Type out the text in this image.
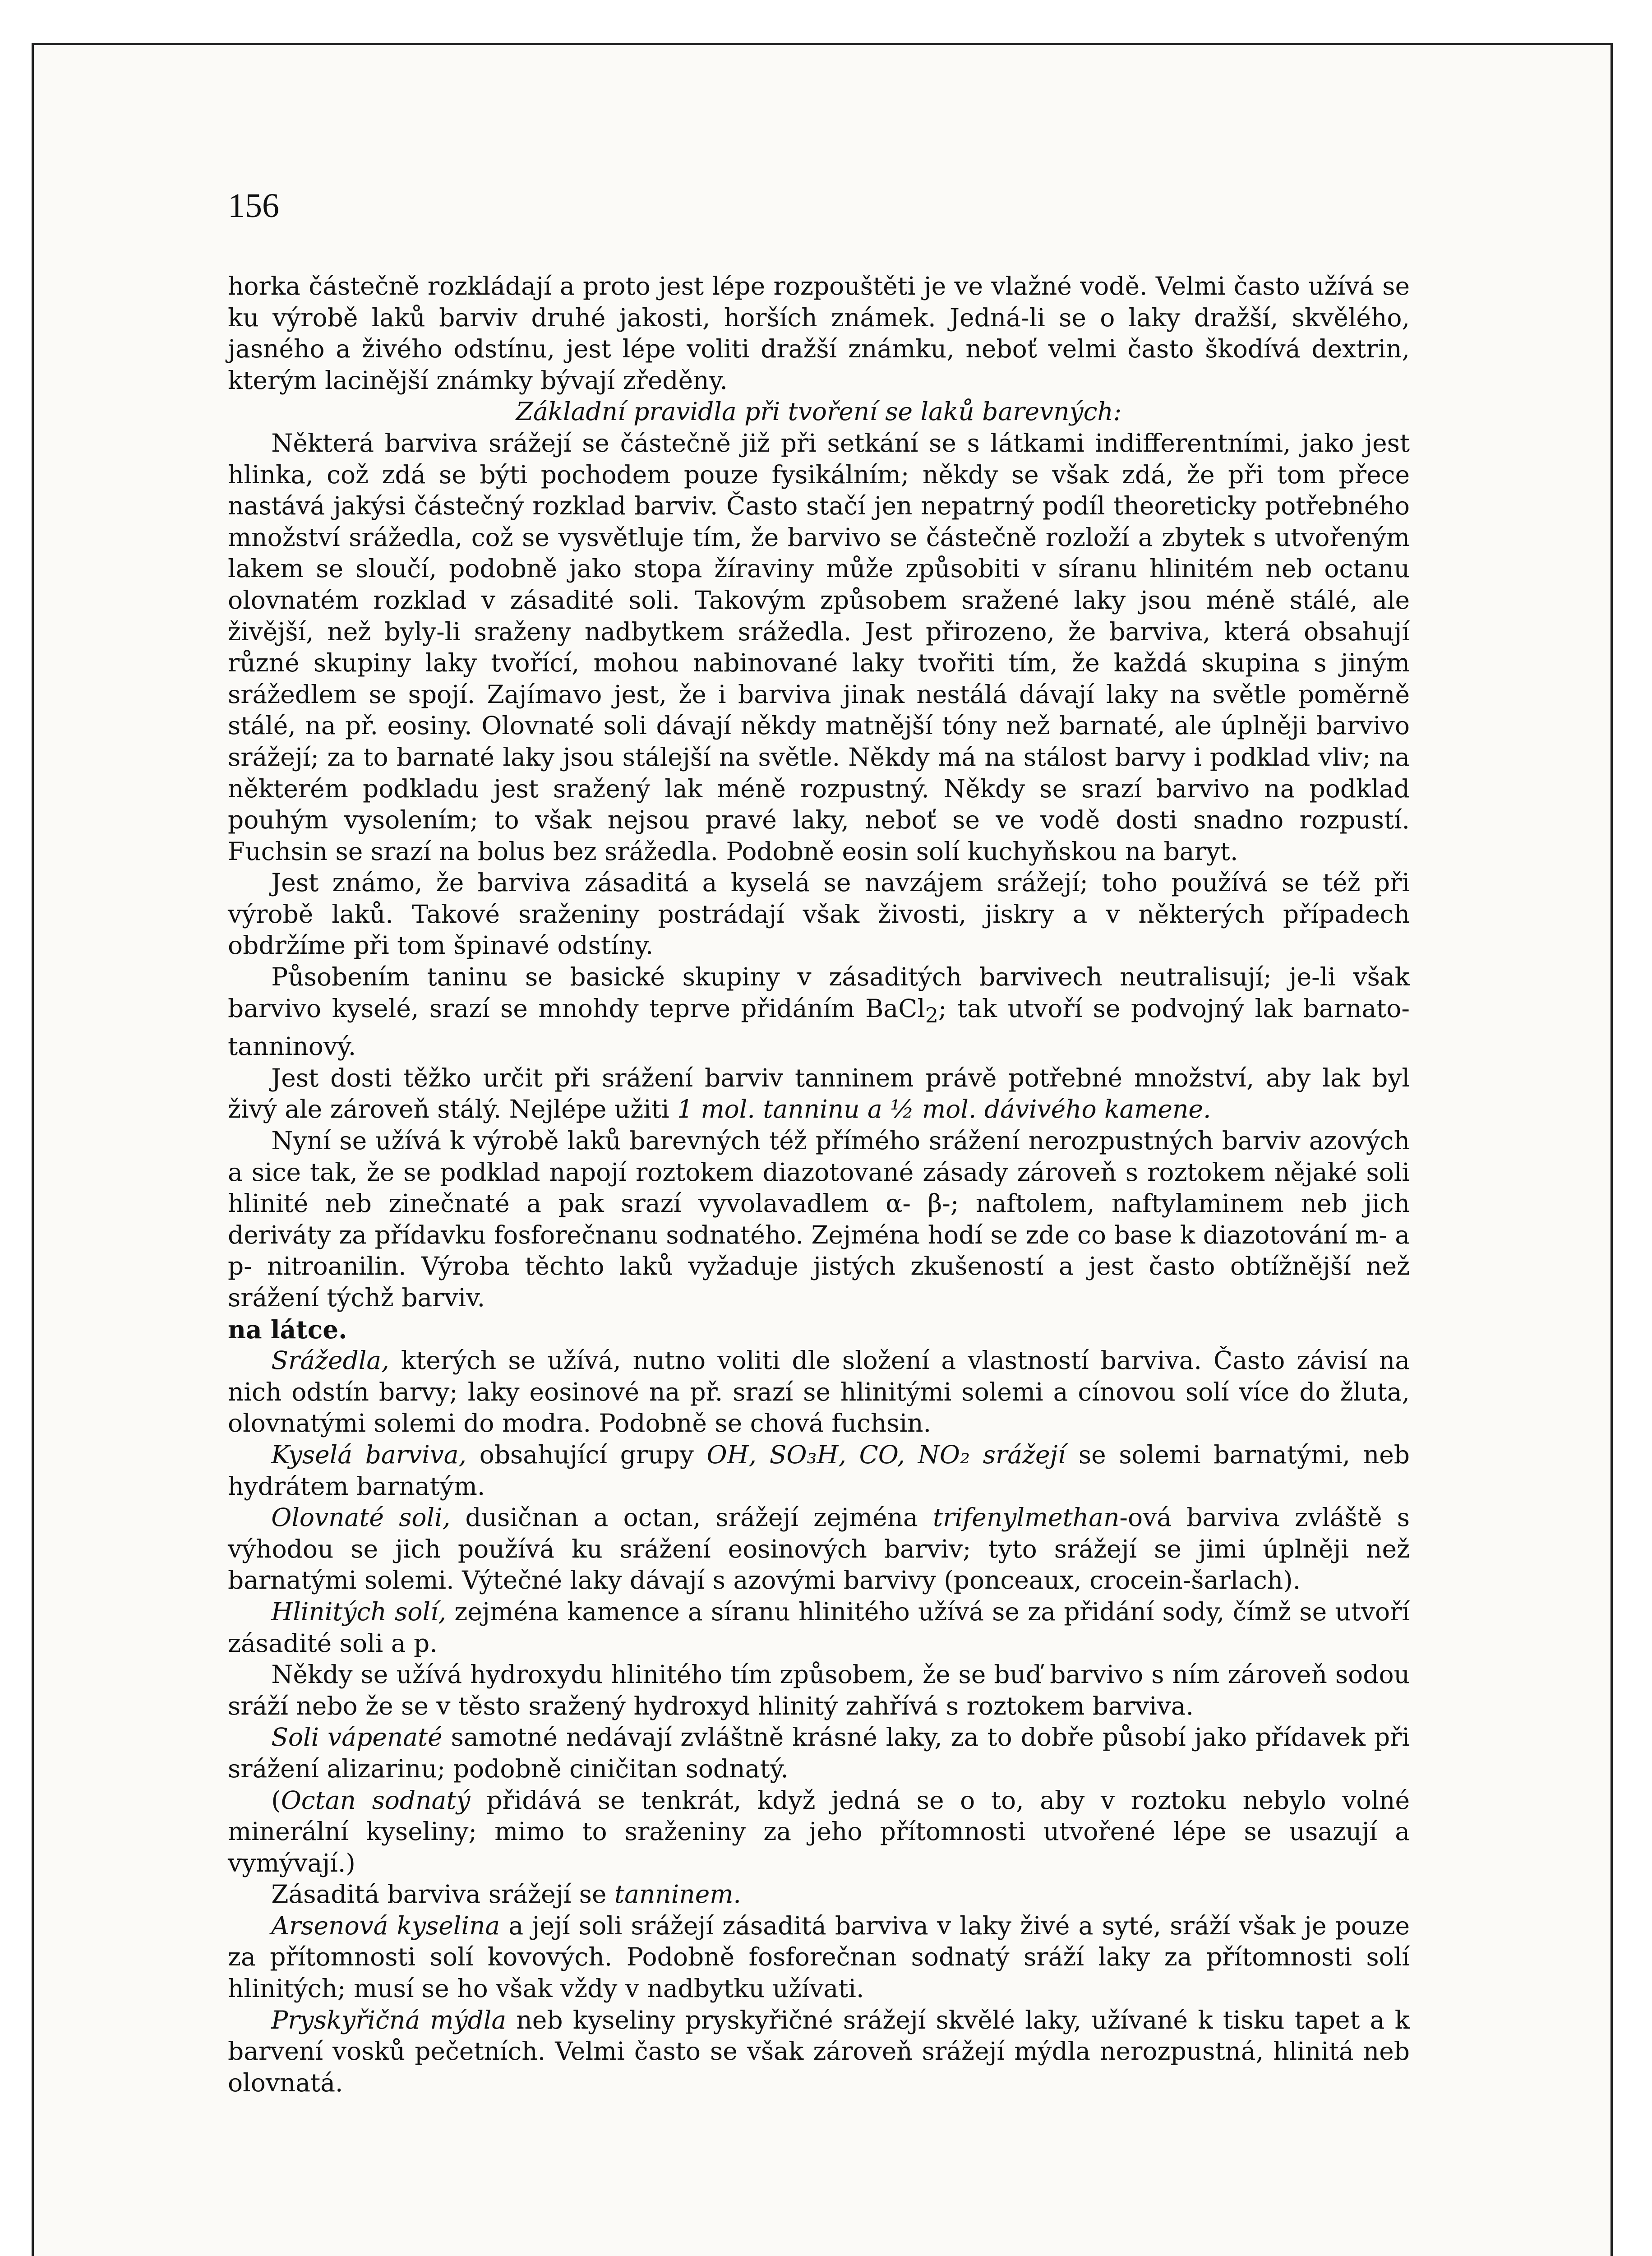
156

horka částečně rozkládají a proto jest lépe rozpouštěti je ve vlažné vodě. Velmi často užívá se ku výrobě laků barviv druhé jakosti, horších známek. Jedná-li se o laky dražší, skvělého, jasného a živého odstínu, jest lépe voliti dražší známku, neboť velmi často škodívá dextrin, kterým lacinější známky bývají zředěny.

Základní pravidla při tvoření se laků barevných:

Některá barviva srážejí se částečně již při setkání se s látkami indifferentními, jako jest hlinka, což zdá se býti pochodem pouze fysikálním; někdy se však zdá, že při tom přece nastává jakýsi částečný rozklad barviv. Často stačí jen nepatrný podíl theoreticky potřebného množství srážedla, což se vysvětluje tím, že barvivo se částečně rozloží a zbytek s utvořeným lakem se sloučí, podobně jako stopa žíraviny může způsobiti v síranu hlinitém neb octanu olovnatém rozklad v zásadité soli. Takovým způsobem sražené laky jsou méně stálé, ale živější, než byly-li sraženy nadbytkem srážedla. Jest přirozeno, že barviva, která obsahují různé skupiny laky tvořící, mohou nabinované laky tvořiti tím, že každá skupina s jiným srážedlem se spojí. Zajímavo jest, že i barviva jinak nestálá dávají laky na světle poměrně stálé, na př. eosiny. Olovnaté soli dávají někdy matnější tóny než barnaté, ale úplněji barvivo srážejí; za to barnaté laky jsou stálejší na světle. Někdy má na stálost barvy i podklad vliv; na některém podkladu jest sražený lak méně rozpustný. Někdy se srazí barvivo na podklad pouhým vysolením; to však nejsou pravé laky, neboť se ve vodě dosti snadno rozpustí. Fuchsin se srazí na bolus bez srážedla. Podobně eosin solí kuchyňskou na baryt.

Jest známo, že barviva zásaditá a kyselá se navzájem srážejí; toho používá se též při výrobě laků. Takové sraženiny postrádají však živosti, jiskry a v některých případech obdržíme při tom špinavé odstíny.

Působením taninu se basické skupiny v zásaditých barvivech neutralisují; je-li však barvivo kyselé, srazí se mnohdy teprve přidáním BaCl$_2$; tak utvoří se podvojný lak barnato-tanninový.

Jest dosti těžko určit při srážení barviv tanninem právě potřebné množství, aby lak byl živý ale zároveň stálý. Nejlépe užiti 1 mol. tanninu a ½ mol. dávivého kamene.

Nyní se užívá k výrobě laků barevných též přímého srážení nerozpustných barviv azových a sice tak, že se podklad napojí roztokem diazotované zásady zároveň s roztokem nějaké soli hlinité neb zinečnaté a pak srazí vyvolavadlem α- β-; naftolem, naftylaminem neb jich deriváty za přídavku fosforečnanu sodnatého. Zejména hodí se zde co base k diazotování m- a p- nitroanilin. Výroba těchto laků vyžaduje jistých zkušeností a jest často obtížnější než srážení týchž barviv.

na látce.

Srážedla, kterých se užívá, nutno voliti dle složení a vlastností barviva. Často závisí na nich odstín barvy; laky eosinové na př. srazí se hlinitými solemi a cínovou solí více do žluta, olovnatými solemi do modra. Podobně se chová fuchsin.

Kyselá barviva, obsahující grupy OH, SO₃H, CO, NO₂ srážejí se solemi barnatými, neb hydrátem barnatým.

Olovnaté soli, dusičnan a octan, srážejí zejména trifenylmethan-ová barviva zvláště s výhodou se jich používá ku srážení eosinových barviv; tyto srážejí se jimi úplněji než barnatými solemi. Výtečné laky dávají s azovými barvivy (ponceaux, crocein-šarlach).

Hlinitých solí, zejména kamence a síranu hlinitého užívá se za přidání sody, čímž se utvoří zásadité soli a p.

Někdy se užívá hydroxydu hlinitého tím způsobem, že se buď barvivo s ním zároveň sodou sráží nebo že se v těsto sražený hydroxyd hlinitý zahřívá s roztokem barviva.

Soli vápenaté samotné nedávají zvláštně krásné laky, za to dobře působí jako přídavek při srážení alizarinu; podobně ciničitan sodnatý.

(Octan sodnatý přidává se tenkrát, když jedná se o to, aby v roztoku nebylo volné minerální kyseliny; mimo to sraženiny za jeho přítomnosti utvořené lépe se usazují a vymývají.)

Zásaditá barviva srážejí se tanninem.

Arsenová kyselina a její soli srážejí zásaditá barviva v laky živé a syté, sráží však je pouze za přítomnosti solí kovových. Podobně fosforečnan sodnatý sráží laky za přítomnosti solí hlinitých; musí se ho však vždy v nadbytku užívati.

Pryskyřičná mýdla neb kyseliny pryskyřičné srážejí skvělé laky, užívané k tisku tapet a k barvení vosků pečetních. Velmi často se však zároveň srážejí mýdla nerozpustná, hlinitá neb olovnatá.
